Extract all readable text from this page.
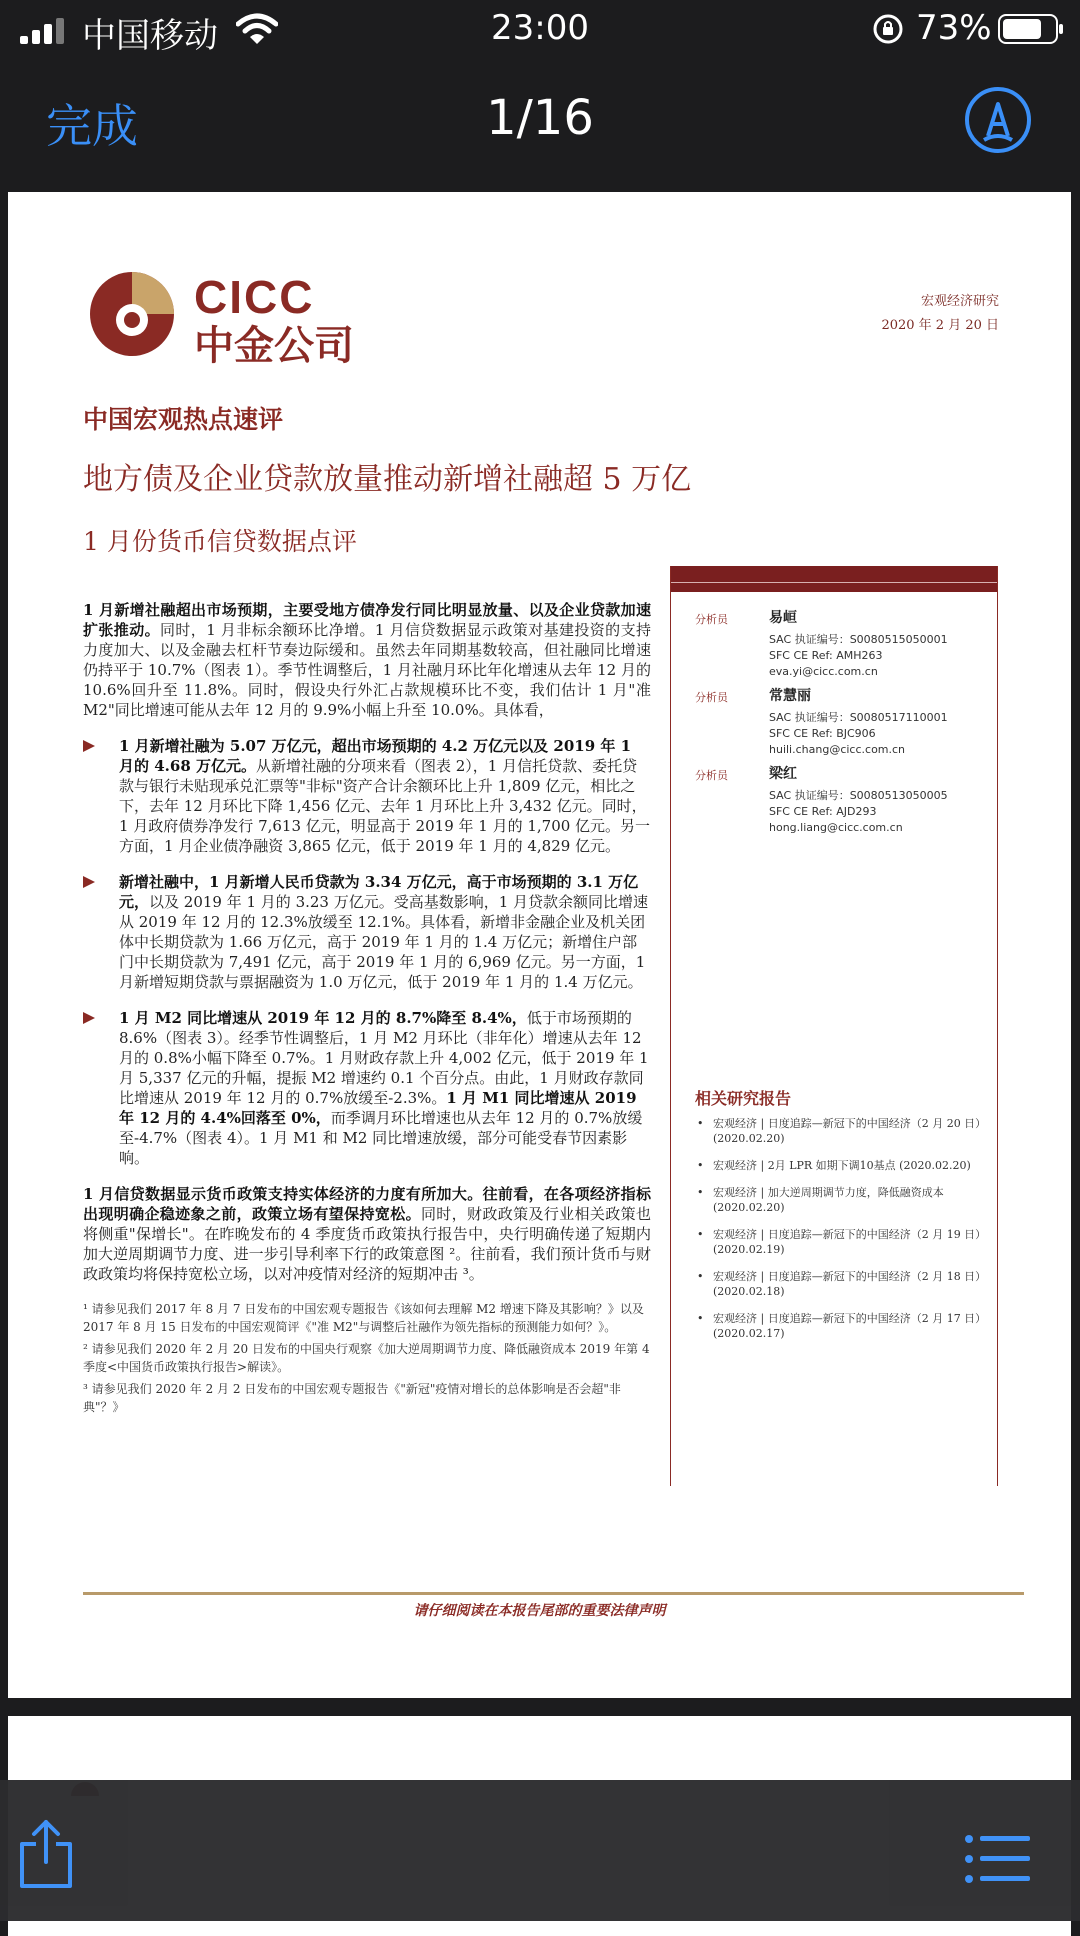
中国移动	23:00	73%
完成	1/16
CICC
中金公司
宏观经济研究
2020 年 2 月 20 日
中国宏观热点速评
地方债及企业贷款放量推动新增社融超 5 万亿
1 月份货币信贷数据点评

1 月新增社融超出市场预期，主要受地方债净发行同比明显放量、以及企业贷款加速扩张推动。同时，1 月非标余额环比净增。1 月信贷数据显示政策对基建投资的支持力度加大、以及金融去杠杆节奏边际缓和。虽然去年同期基数较高，但社融同比增速仍持平于 10.7%（图表 1）。季节性调整后，1 月社融月环比年化增速从去年 12 月的 10.6%回升至 11.8%。同时，假设央行外汇占款规模环比不变，我们估计 1 月"准 M2"同比增速可能从去年 12 月的 9.9%小幅上升至 10.0%。具体看，

1 月新增社融为 5.07 万亿元，超出市场预期的 4.2 万亿元以及 2019 年 1 月的 4.68 万亿元。从新增社融的分项来看（图表 2），1 月信托贷款、委托贷款与银行未贴现承兑汇票等"非标"资产合计余额环比上升 1,809 亿元，相比之下，去年 12 月环比下降 1,456 亿元、去年 1 月环比上升 3,432 亿元。同时，1 月政府债券净发行 7,613 亿元，明显高于 2019 年 1 月的 1,700 亿元。另一方面，1 月企业债净融资 3,865 亿元，低于 2019 年 1 月的 4,829 亿元。
新增社融中，1 月新增人民币贷款为 3.34 万亿元，高于市场预期的 3.1 万亿元，以及 2019 年 1 月的 3.23 万亿元。受高基数影响，1 月贷款余额同比增速从 2019 年 12 月的 12.3%放缓至 12.1%。具体看，新增非金融企业及机关团体中长期贷款为 1.66 万亿元，高于 2019 年 1 月的 1.4 万亿元；新增住户部门中长期贷款为 7,491 亿元，高于 2019 年 1 月的 6,969 亿元。另一方面，1 月新增短期贷款与票据融资为 1.0 万亿元，低于 2019 年 1 月的 1.4 万亿元。
1 月 M2 同比增速从 2019 年 12 月的 8.7%降至 8.4%，低于市场预期的 8.6%（图表 3）。经季节性调整后，1 月 M2 月环比（非年化）增速从去年 12 月的 0.8%小幅下降至 0.7%。1 月财政存款上升 4,002 亿元，低于 2019 年 1 月 5,337 亿元的升幅，提振 M2 增速约 0.1 个百分点。由此，1 月财政存款同比增速从 2019 年 12 月的 0.7%放缓至-2.3%。1 月 M1 同比增速从 2019 年 12 月的 4.4%回落至 0%，而季调月环比增速也从去年 12 月的 0.7%放缓至-4.7%（图表 4）。1 月 M1 和 M2 同比增速放缓，部分可能受春节因素影响。

1 月信贷数据显示货币政策支持实体经济的力度有所加大。往前看，在各项经济指标出现明确企稳迹象之前，政策立场有望保持宽松。同时，财政政策及行业相关政策也将侧重"保增长"。在昨晚发布的 4 季度货币政策执行报告中，央行明确传递了短期内加大逆周期调节力度、进一步引导利率下行的政策意图 ²。往前看，我们预计货币与财政政策均将保持宽松立场，以对冲疫情对经济的短期冲击 ³。

¹ 请参见我们 2017 年 8 月 7 日发布的中国宏观专题报告《该如何去理解 M2 增速下降及其影响？》以及 2017 年 8 月 15 日发布的中国宏观简评《"准 M2"与调整后社融作为领先指标的预测能力如何？》。
² 请参见我们 2020 年 2 月 20 日发布的中国央行观察《加大逆周期调节力度、降低融资成本 2019 年第 4 季度<中国货币政策执行报告>解读》。
³ 请参见我们 2020 年 2 月 2 日发布的中国宏观专题报告《"新冠"疫情对增长的总体影响是否会超"非典"？》
分析员	易峘
SAC 执证编号：S0080515050001
SFC CE Ref: AMH263
eva.yi@cicc.com.cn
分析员	常慧丽
SAC 执证编号：S0080517110001
SFC CE Ref: BJC906
huili.chang@cicc.com.cn
分析员	梁红
SAC 执证编号：S0080513050005
SFC CE Ref: AJD293
hong.liang@cicc.com.cn
相关研究报告
• 宏观经济 | 日度追踪—新冠下的中国经济（2 月 20 日）(2020.02.20)
• 宏观经济 | 2月 LPR 如期下调10基点 (2020.02.20)
• 宏观经济 | 加大逆周期调节力度，降低融资成本 (2020.02.20)
• 宏观经济 | 日度追踪—新冠下的中国经济（2 月 19 日）(2020.02.19)
• 宏观经济 | 日度追踪—新冠下的中国经济（2 月 18 日）(2020.02.18)
• 宏观经济 | 日度追踪—新冠下的中国经济（2 月 17 日）(2020.02.17)
请仔细阅读在本报告尾部的重要法律声明
